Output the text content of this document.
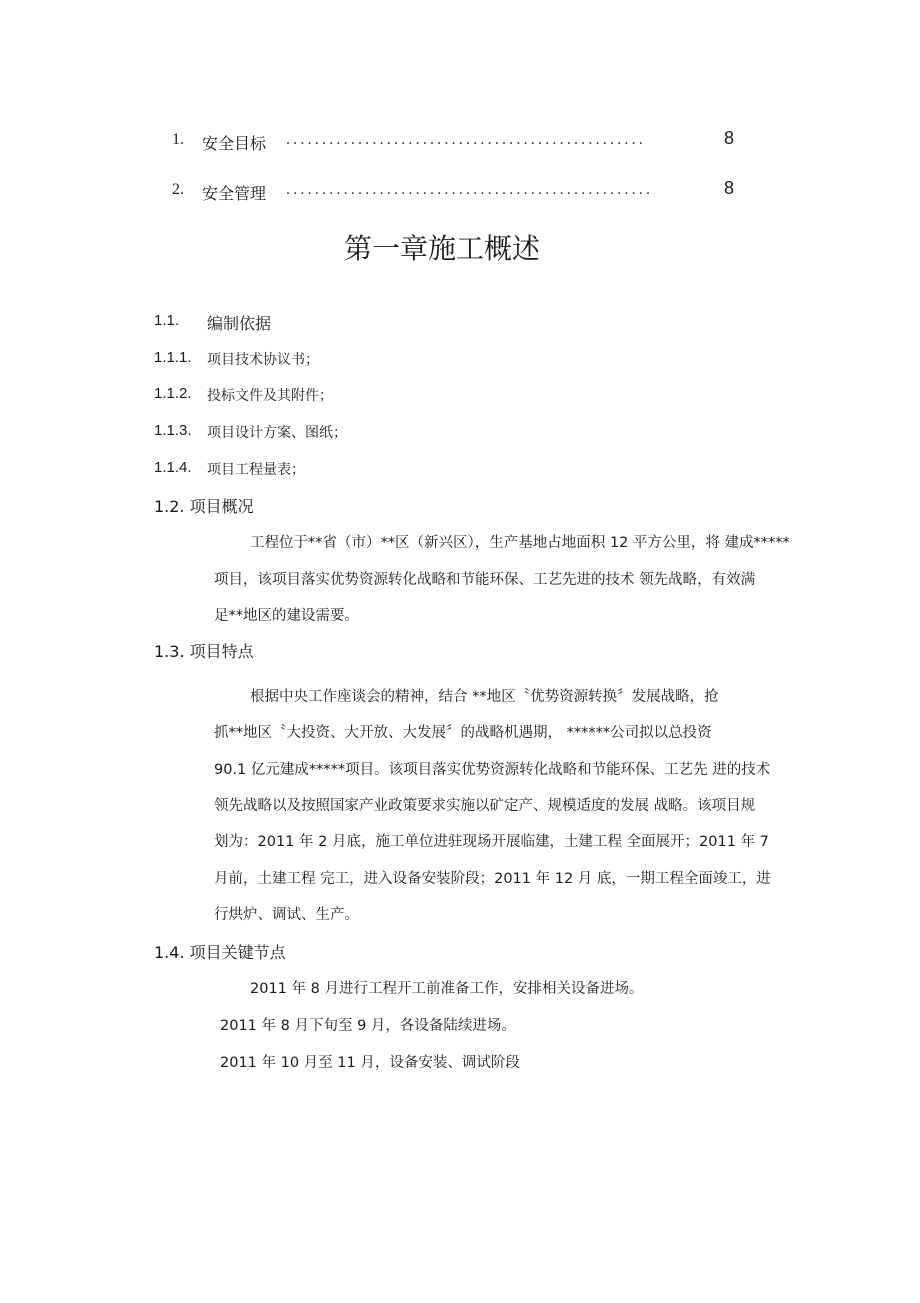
1. 安全目标 ..................................................	8
2. 安全管理 ...................................................	8
第一章施工概述
1.1. 编制依据
1.1.1. 项目技术协议书；
1.1.2. 投标文件及其附件；
1.1.3. 项目设计方案、图纸；
1.1.4. 项目工程量表；
1.2. 项目概况
工程位于**省（市）**区（新兴区），生产基地占地面积 12 平方公里，将 建成*****
项目，该项目落实优势资源转化战略和节能环保、工艺先进的技术 领先战略，有效满
足**地区的建设需要。
1.3. 项目特点
根据中央工作座谈会的精神，结合 **地区〝优势资源转换〞发展战略，抢
抓**地区〝大投资、大开放、大发展〞的战略机遇期， ******公司拟以总投资
90.1 亿元建成*****项目。该项目落实优势资源转化战略和节能环保、工艺先 进的技术
领先战略以及按照国家产业政策要求实施以矿定产、规模适度的发展 战略。该项目规
划为：2011 年 2 月底，施工单位进驻现场开展临建，土建工程 全面展开；2011 年 7
月前，土建工程 完工，进入设备安装阶段；2011 年 12 月 底，一期工程全面竣工，进
行烘炉、调试、生产。
1.4. 项目关键节点
2011 年 8 月进行工程开工前准备工作，安排相关设备进场。
2011 年 8 月下旬至 9 月，各设备陆续进场。
2011 年 10 月至 11 月，设备安装、调试阶段
